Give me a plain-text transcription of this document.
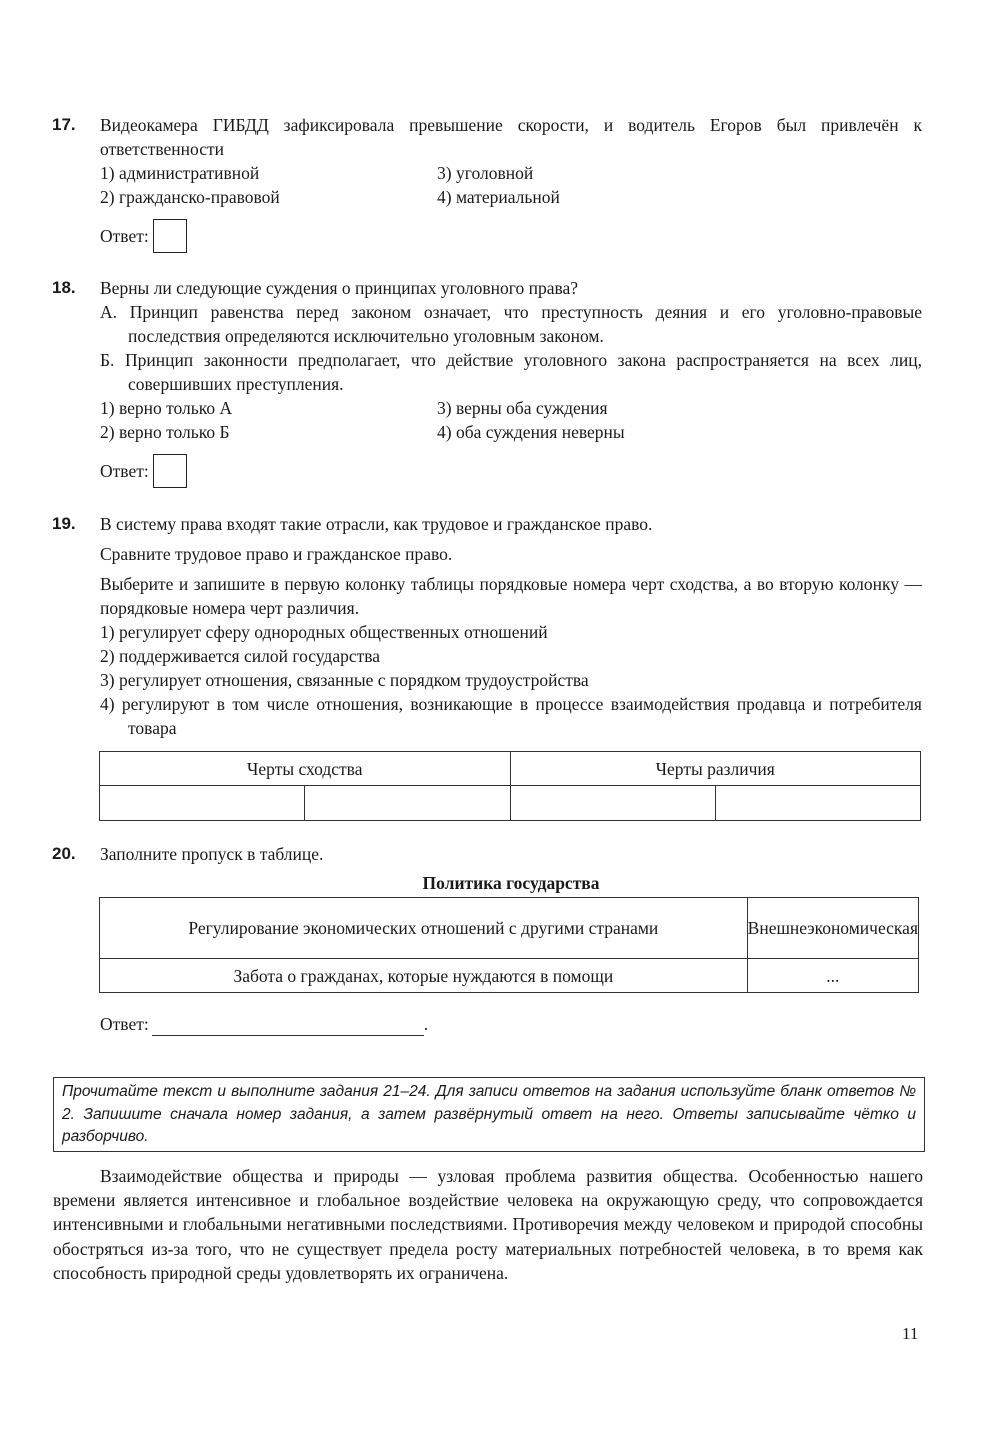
17. Видеокамера ГИБДД зафиксировала превышение скорости, и водитель Егоров был привлечён к ответственности
1) административной	3) уголовной
2) гражданско-правовой	4) материальной
Ответ:
18. Верны ли следующие суждения о принципах уголовного права?
А. Принцип равенства перед законом означает, что преступность деяния и его уголовно-правовые последствия определяются исключительно уголовным законом.
Б. Принцип законности предполагает, что действие уголовного закона распространяется на всех лиц, совершивших преступления.
1) верно только А	3) верны оба суждения
2) верно только Б	4) оба суждения неверны
Ответ:
19. В систему права входят такие отрасли, как трудовое и гражданское право.
Сравните трудовое право и гражданское право.
Выберите и запишите в первую колонку таблицы порядковые номера черт сходства, а во вторую колонку — порядковые номера черт различия.
1) регулирует сферу однородных общественных отношений
2) поддерживается силой государства
3) регулирует отношения, связанные с порядком трудоустройства
4) регулируют в том числе отношения, возникающие в процессе взаимодействия продавца и потребителя товара
Черты сходства		Черты различия	

20. Заполните пропуск в таблице.
Политика государства
Регулирование экономических отношений с другими странами	Внешнеэкономическая
Забота о гражданах, которые нуждаются в помощи	...
Ответ:	.
Прочитайте текст и выполните задания 21–24. Для записи ответов на задания используйте бланк ответов № 2. Запишите сначала номер задания, а затем развёрнутый ответ на него. Ответы записывайте чётко и разборчиво.
Взаимодействие общества и природы — узловая проблема развития общества. Особенностью нашего времени является интенсивное и глобальное воздействие человека на окружающую среду, что сопровождается интенсивными и глобальными негативными последствиями. Противоречия между человеком и природой способны обостряться из-за того, что не существует предела росту материальных потребностей человека, в то время как способность природной среды удовлетворять их ограничена.
11
